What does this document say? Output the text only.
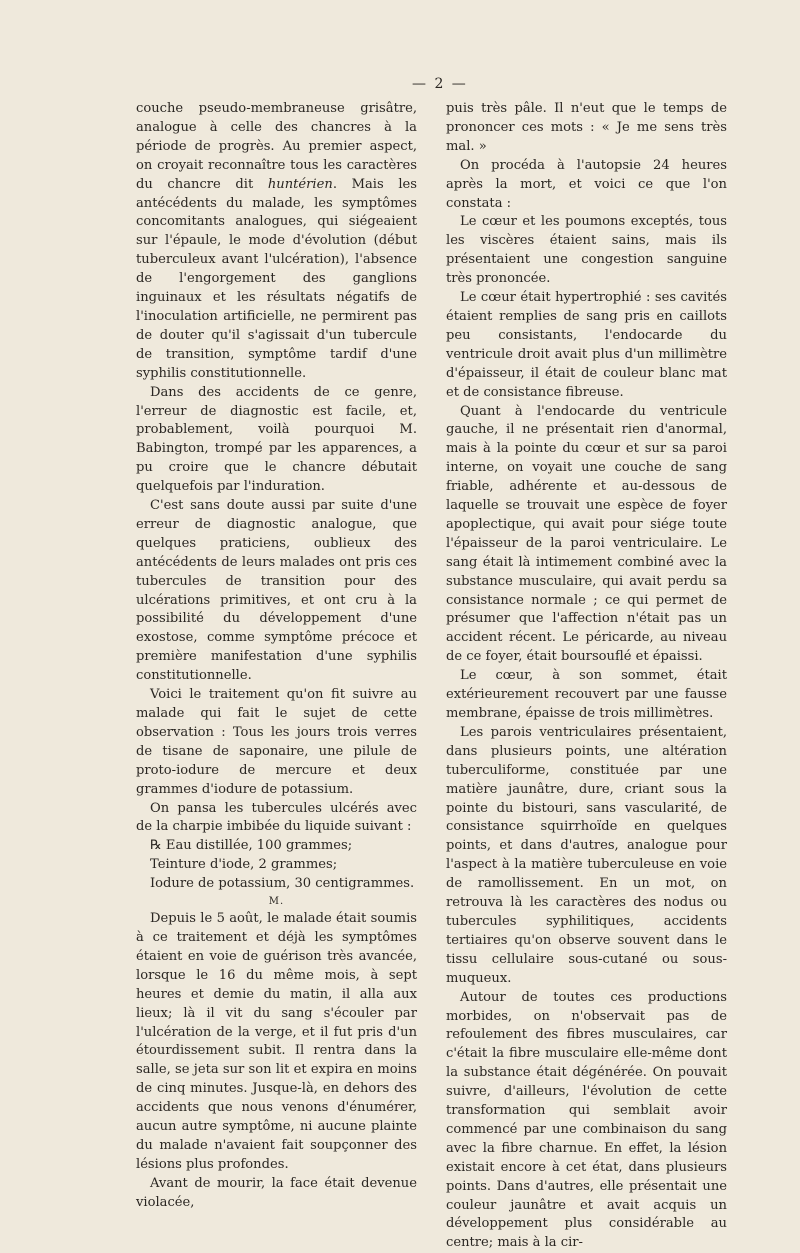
— 2 —

couche pseudo-membraneuse grisâtre, analogue à celle des chancres à la période de progrès. Au premier aspect, on croyait reconnaître tous les caractères du chancre dit huntérien. Mais les antécédents du malade, les symptômes concomitants analogues, qui siégeaient sur l'épaule, le mode d'évolution (début tuberculeux avant l'ulcération), l'absence de l'engorgement des ganglions inguinaux et les résultats négatifs de l'inoculation artificielle, ne permirent pas de douter qu'il s'agissait d'un tubercule de transition, symptôme tardif d'une syphilis constitutionnelle.

Dans des accidents de ce genre, l'erreur de diagnostic est facile, et, probablement, voilà pourquoi M. Babington, trompé par les apparences, a pu croire que le chancre débutait quelquefois par l'induration.

C'est sans doute aussi par suite d'une erreur de diagnostic analogue, que quelques praticiens, oublieux des antécédents de leurs malades ont pris ces tubercules de transition pour des ulcérations primitives, et ont cru à la possibilité du développement d'une exostose, comme symptôme précoce et première manifestation d'une syphilis constitutionnelle.

Voici le traitement qu'on fit suivre au malade qui fait le sujet de cette observation : Tous les jours trois verres de tisane de saponaire, une pilule de proto-iodure de mercure et deux grammes d'iodure de potassium.

On pansa les tubercules ulcérés avec de la charpie imbibée du liquide suivant :

℞ Eau distillée, 100 grammes;

Teinture d'iode, 2 grammes;

Iodure de potassium, 30 centigrammes.

M.

Depuis le 5 août, le malade était soumis à ce traitement et déjà les symptômes étaient en voie de guérison très avancée, lorsque le 16 du même mois, à sept heures et demie du matin, il alla aux lieux; là il vit du sang s'écouler par l'ulcération de la verge, et il fut pris d'un étourdissement subit. Il rentra dans la salle, se jeta sur son lit et expira en moins de cinq minutes. Jusque-là, en dehors des accidents que nous venons d'énumérer, aucun autre symptôme, ni aucune plainte du malade n'avaient fait soupçonner des lésions plus profondes.

Avant de mourir, la face était devenue violacée,

puis très pâle. Il n'eut que le temps de prononcer ces mots : « Je me sens très mal. »

On procéda à l'autopsie 24 heures après la mort, et voici ce que l'on constata :

Le cœur et les poumons exceptés, tous les viscères étaient sains, mais ils présentaient une congestion sanguine très prononcée.

Le cœur était hypertrophié : ses cavités étaient remplies de sang pris en caillots peu consistants, l'endocarde du ventricule droit avait plus d'un millimètre d'épaisseur, il était de couleur blanc mat et de consistance fibreuse.

Quant à l'endocarde du ventricule gauche, il ne présentait rien d'anormal, mais à la pointe du cœur et sur sa paroi interne, on voyait une couche de sang friable, adhérente et au-dessous de laquelle se trouvait une espèce de foyer apoplectique, qui avait pour siége toute l'épaisseur de la paroi ventriculaire. Le sang était là intimement combiné avec la substance musculaire, qui avait perdu sa consistance normale ; ce qui permet de présumer que l'affection n'était pas un accident récent. Le péricarde, au niveau de ce foyer, était boursouflé et épaissi.

Le cœur, à son sommet, était extérieurement recouvert par une fausse membrane, épaisse de trois millimètres.

Les parois ventriculaires présentaient, dans plusieurs points, une altération tuberculiforme, constituée par une matière jaunâtre, dure, criant sous la pointe du bistouri, sans vascularité, de consistance squirrhoïde en quelques points, et dans d'autres, analogue pour l'aspect à la matière tuberculeuse en voie de ramollissement. En un mot, on retrouva là les caractères des nodus ou tubercules syphilitiques, accidents tertiaires qu'on observe souvent dans le tissu cellulaire sous-cutané ou sous-muqueux.

Autour de toutes ces productions morbides, on n'observait pas de refoulement des fibres musculaires, car c'était la fibre musculaire elle-même dont la substance était dégénérée. On pouvait suivre, d'ailleurs, l'évolution de cette transformation qui semblait avoir commencé par une combinaison du sang avec la fibre charnue. En effet, la lésion existait encore à cet état, dans plusieurs points. Dans d'autres, elle présentait une couleur jaunâtre et avait acquis un développement plus considérable au centre; mais à la cir-
